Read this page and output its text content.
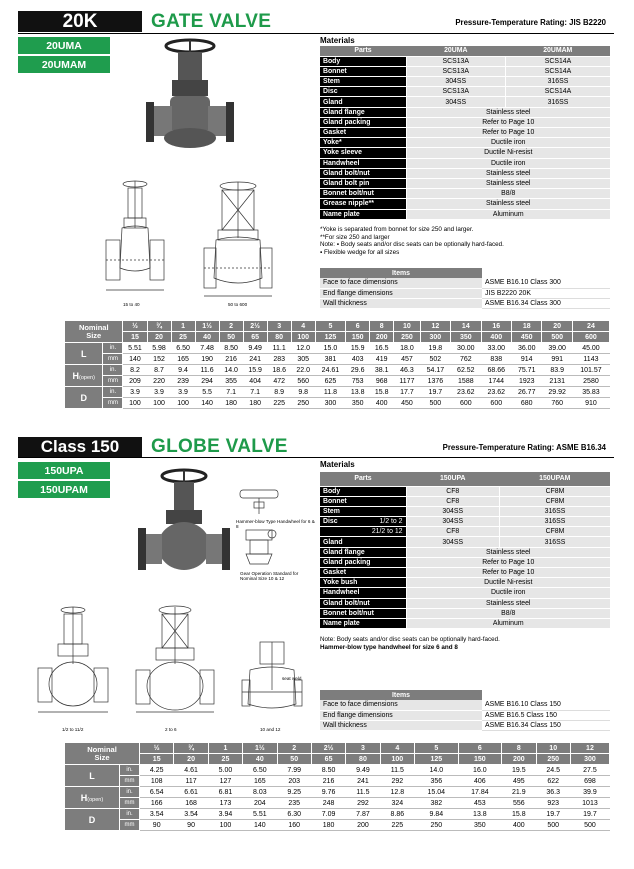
20K	GATE VALVE	Pressure-Temperature Rating: JIS B2220
20UMA
20UMAM
15 to 40	50 to 600
Materials
Parts	20UMA	20UMAM
Body	SCS13A	SCS14A
Bonnet	SCS13A	SCS14A
Stem	304SS	316SS
Disc	SCS13A	SCS14A
Gland	304SS	316SS
Gland flange	Stainless steel	
Gland packing	Refer to Page 10	
Gasket	Refer to Page 10	
Yoke*	Ductile iron	
Yoke sleeve	Ductile Ni-resist	
Handwheel	Ductile iron	
Gland bolt/nut	Stainless steel	
Gland bolt pin	Stainless steel	
Bonnet bolt/nut	B8/8	
Grease nipple**	Stainless steel	
Name plate	Aluminum	
*Yoke is separated from bonnet for size 250 and larger.
**For size 250 and larger
Note: ▪ Body seats and/or disc seats can be optionally hard-faced.
▪ Flexible wedge for all sizes
Items	
Face to face dimensions	ASME B16.10 Class 300
End flange dimensions	JIS B2220 20K
Wall thickness	ASME B16.34 Class 300
Nominal
Size		½	¾	1	1½	2	2½	3	4	5	6	8	10	12	14	16	18	20	24
		15	20	25	40	50	65	80	100	125	150	200	250	300	350	400	450	500	600
L	in.	5.51	5.98	6.50	7.48	8.50	9.49	11.1	12.0	15.0	15.9	16.5	18.0	19.8	30.00	33.00	36.00	39.00	45.00
	mm	140	152	165	190	216	241	283	305	381	403	419	457	502	762	838	914	991	1143
H(open)	in.	8.2	8.7	9.4	11.6	14.0	15.9	18.6	22.0	24.61	29.6	38.1	46.3	54.17	62.52	68.66	75.71	83.9	101.57
	mm	209	220	239	294	355	404	472	560	625	753	968	1177	1376	1588	1744	1923	2131	2580
D	in.	3.9	3.9	3.9	5.5	7.1	7.1	8.9	9.8	11.8	13.8	15.8	17.7	19.7	23.62	23.62	26.77	29.92	35.83
	mm	100	100	100	140	180	180	225	250	300	350	400	450	500	600	600	680	760	910
Class 150	GLOBE VALVE	Pressure-Temperature Rating: ASME B16.34
150UPA
150UPAM
Hammer-blow Type Handwheel for 6 & 8
Gear Operation Standard for Nominal Size 10 & 12
1/2 to 11/2	2 to 6
seat weld
10 and 12
Materials
Parts	150UPA	150UPAM
Body	CF8	CF8M
Bonnet	CF8	CF8M
Stem	304SS	316SS
Disc 1/2 to 2	304SS	316SS

21/2 to 12	CF8	CF8M
Gland	304SS	316SS
Gland flange	Stainless steel	
Gland packing	Refer to Page 10	
Gasket	Refer to Page 10	
Yoke bush	Ductile Ni-resist	
Handwheel	Ductile iron	
Gland bolt/nut	Stainless steel	
Bonnet bolt/nut	B8/8	
Name plate	Aluminum	
Note: Body seats and/or disc seats can be optionally hard-faced.
Hammer-blow type handwheel for size 6 and 8
Items	
Face to face dimensions	ASME B16.10 Class 150
End flange dimensions	ASME B16.5 Class 150
Wall thickness	ASME B16.34 Class 150
Nominal
Size		½	¾	1	1½	2	2½	3	4	5	6	8	10	12
		15	20	25	40	50	65	80	100	125	150	200	250	300
L	in.	4.25	4.61	5.00	6.50	7.99	8.50	9.49	11.5	14.0	16.0	19.5	24.5	27.5
	mm	108	117	127	165	203	216	241	292	356	406	495	622	698
H(open)	in.	6.54	6.61	6.81	8.03	9.25	9.76	11.5	12.8	15.04	17.84	21.9	36.3	39.9
	mm	166	168	173	204	235	248	292	324	382	453	556	923	1013
D	in.	3.54	3.54	3.94	5.51	6.30	7.09	7.87	8.86	9.84	13.8	15.8	19.7	19.7
	mm	90	90	100	140	160	180	200	225	250	350	400	500	500
